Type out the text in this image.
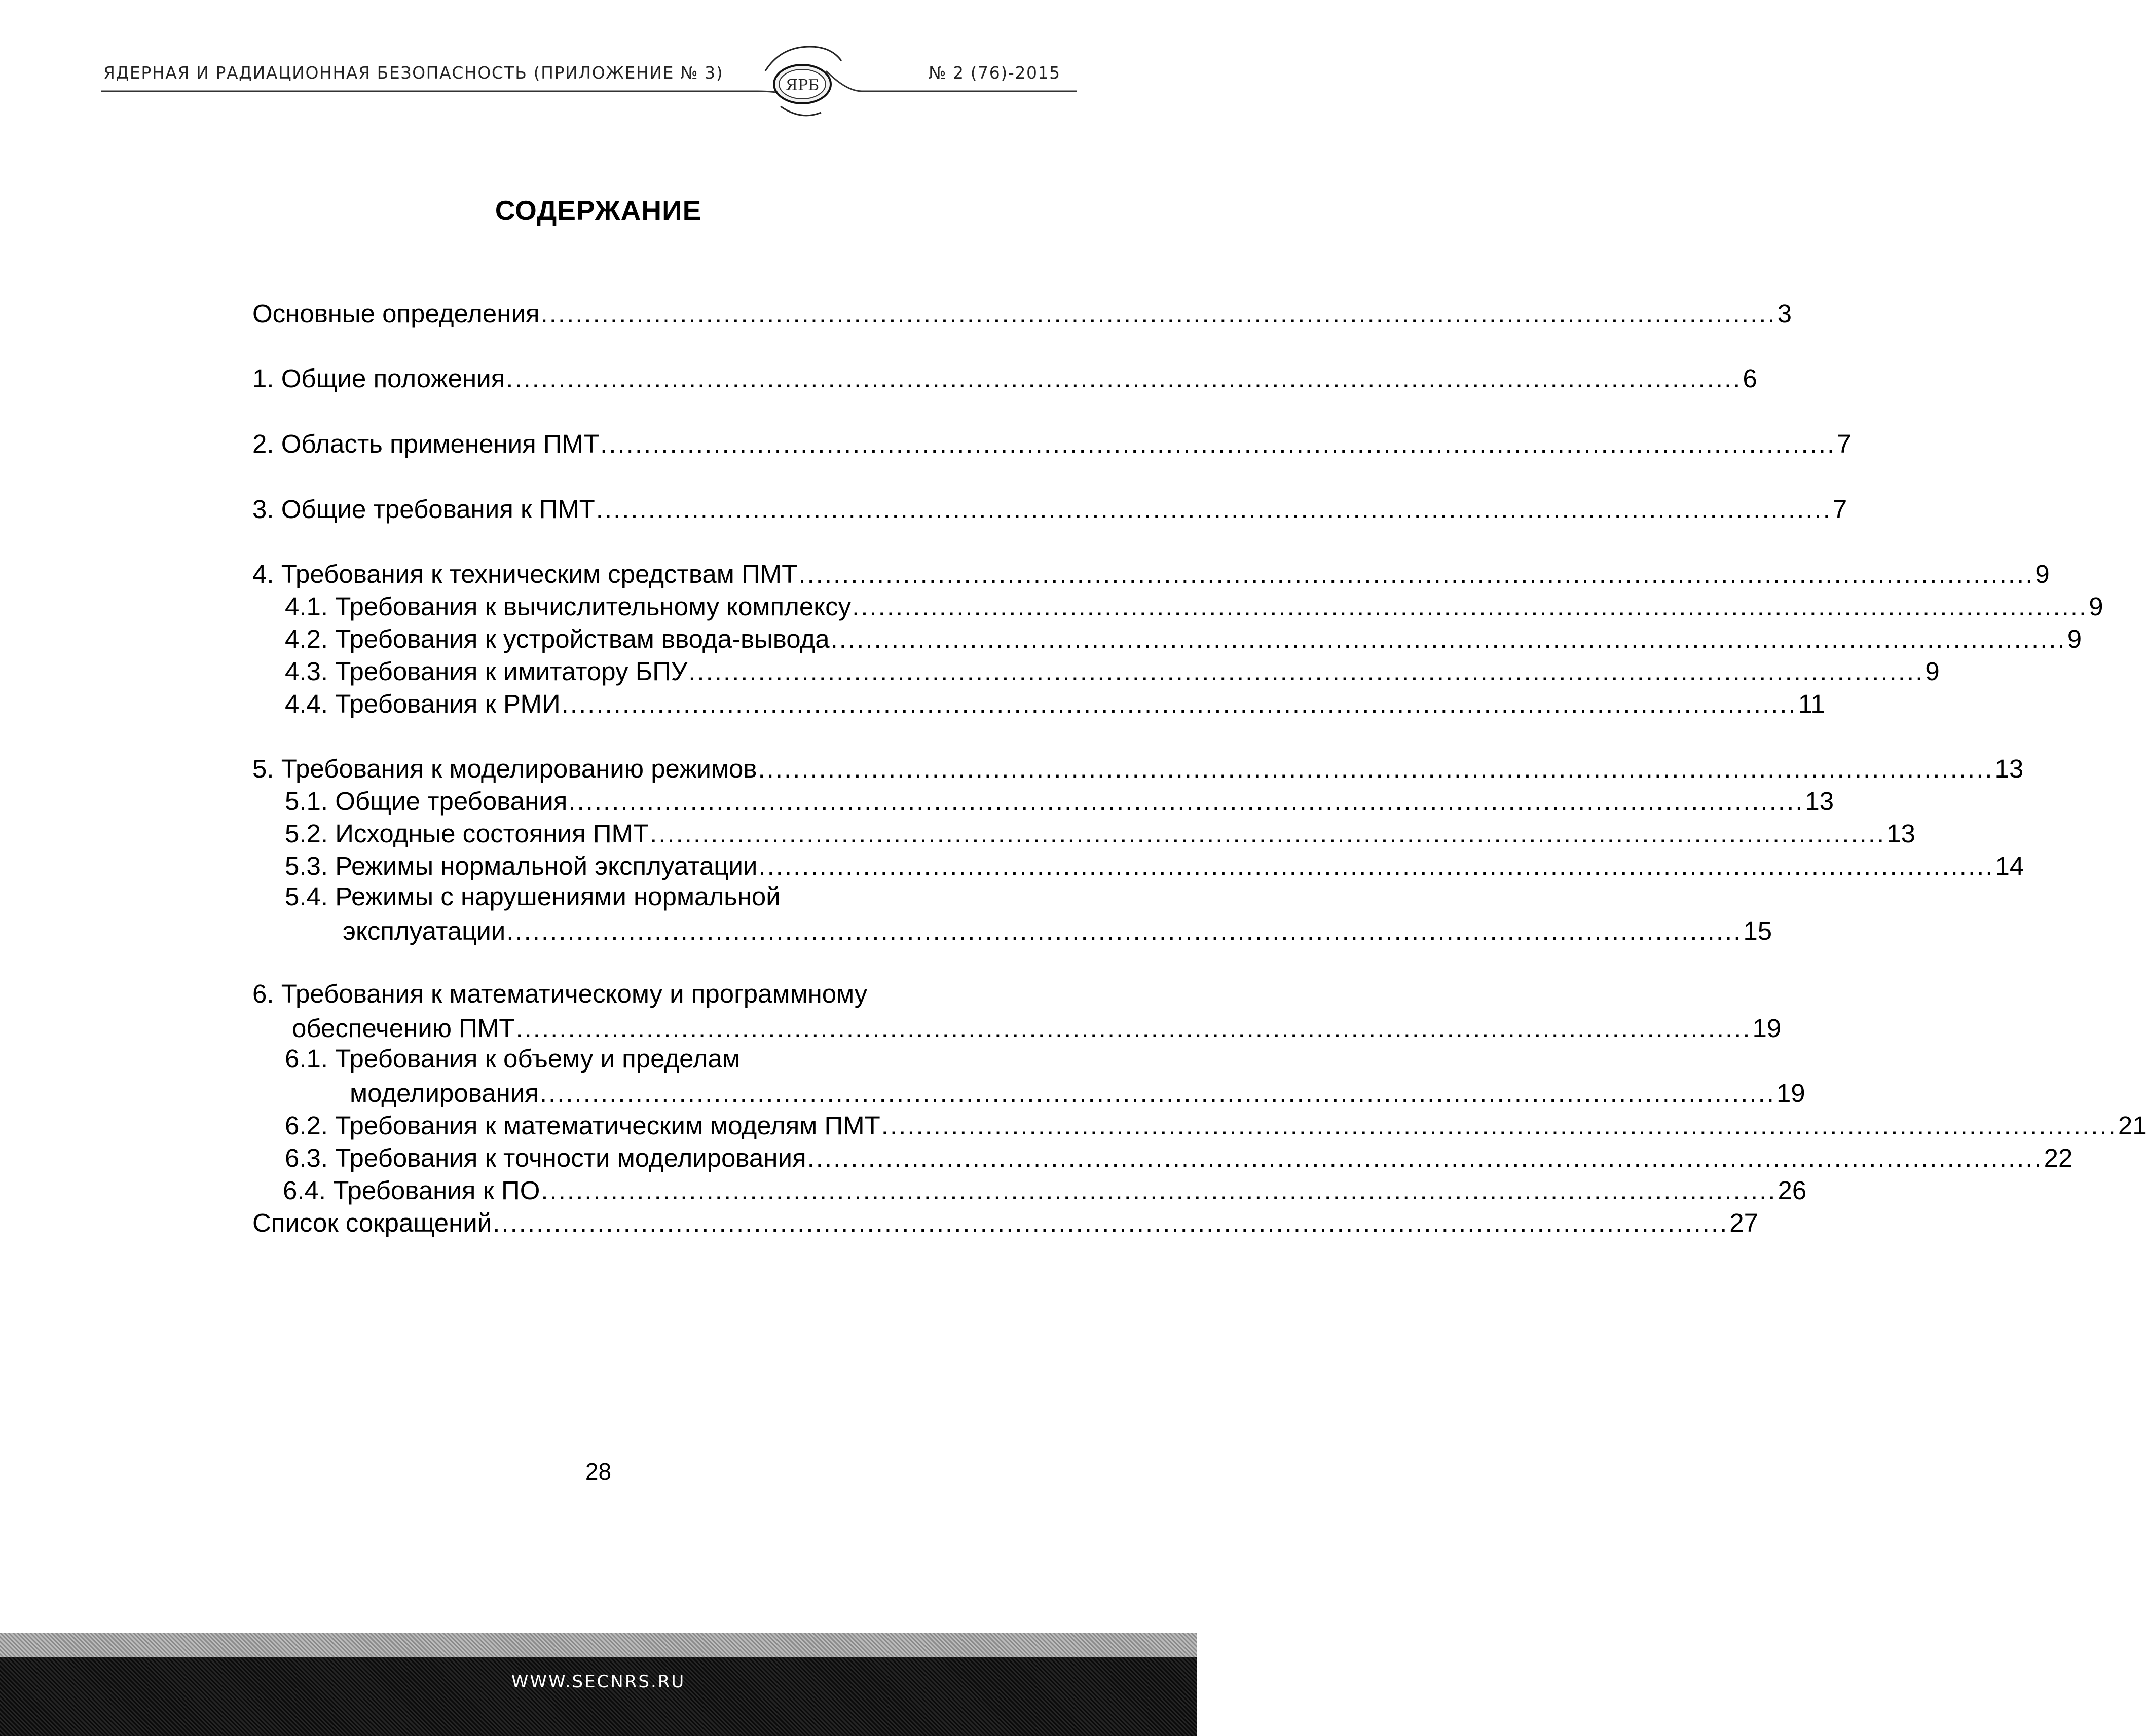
ЯРБ
ЯДЕРНАЯ И РАДИАЦИОННАЯ БЕЗОПАСНОСТЬ (ПРИЛОЖЕНИЕ № 3)	№ 2 (76)-2015
СОДЕРЖАНИЕ
Основные определения .............................................................................................................................................. 3
1. Общие положения .............................................................................................................................................. 6
2. Область применения ПМТ .............................................................................................................................................. 7
3. Общие требования к ПМТ .............................................................................................................................................. 7
4. Требования к техническим средствам ПМТ .............................................................................................................................................. 9
4.1. Требования к вычислительному комплексу .............................................................................................................................................. 9
4.2. Требования к устройствам ввода-вывода .............................................................................................................................................. 9
4.3. Требования к имитатору БПУ .............................................................................................................................................. 9
4.4. Требования к РМИ .............................................................................................................................................. 11
5. Требования к моделированию режимов .............................................................................................................................................. 13
5.1. Общие требования .............................................................................................................................................. 13
5.2. Исходные состояния ПМТ .............................................................................................................................................. 13
5.3. Режимы нормальной эксплуатации .............................................................................................................................................. 14
5.4. Режимы с нарушениями нормальной
эксплуатации .............................................................................................................................................. 15
6. Требования к математическому и программному
обеспечению ПМТ .............................................................................................................................................. 19
6.1. Требования к объему и пределам
моделирования .............................................................................................................................................. 19
6.2. Требования к математическим моделям ПМТ .............................................................................................................................................. 21
6.3. Требования к точности моделирования .............................................................................................................................................. 22
6.4. Требования к ПО .............................................................................................................................................. 26
Список сокращений .............................................................................................................................................. 27
28
WWW.SECNRS.RU
